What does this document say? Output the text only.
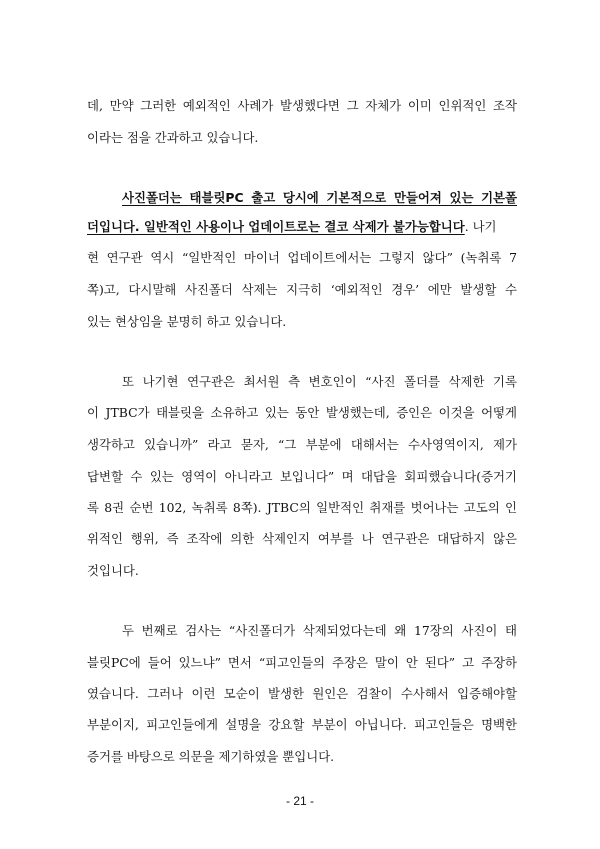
데, 만약 그러한 예외적인 사례가 발생했다면 그 자체가 이미 인위적인 조작
이라는 점을 간과하고 있습니다.
사진폴더는 태블릿PC 출고 당시에 기본적으로 만들어져 있는 기본폴
더입니다. 일반적인 사용이나 업데이트로는 결코 삭제가 불가능합니다. 나기
현 연구관 역시 “일반적인 마이너 업데이트에서는 그렇지 않다” (녹취록 7
쪽)고, 다시말해 사진폴더 삭제는 지극히 ‘예외적인 경우’ 에만 발생할 수
있는 현상임을 분명히 하고 있습니다.
또 나기현 연구관은 최서원 측 변호인이 “사진 폴더를 삭제한 기록
이 JTBC가 태블릿을 소유하고 있는 동안 발생했는데, 증인은 이것을 어떻게
생각하고 있습니까” 라고 묻자, “그 부분에 대해서는 수사영역이지, 제가
답변할 수 있는 영역이 아니라고 보입니다” 며 대답을 회피했습니다(증거기
록 8권 순번 102, 녹취록 8쪽). JTBC의 일반적인 취재를 벗어나는 고도의 인
위적인 행위, 즉 조작에 의한 삭제인지 여부를 나 연구관은 대답하지 않은
것입니다.
두 번째로 검사는 “사진폴더가 삭제되었다는데 왜 17장의 사진이 태
블릿PC에 들어 있느냐” 면서 “피고인들의 주장은 말이 안 된다” 고 주장하
였습니다. 그러나 이런 모순이 발생한 원인은 검찰이 수사해서 입증해야할
부분이지, 피고인들에게 설명을 강요할 부분이 아닙니다. 피고인들은 명백한
증거를 바탕으로 의문을 제기하였을 뿐입니다.
- 21 -
